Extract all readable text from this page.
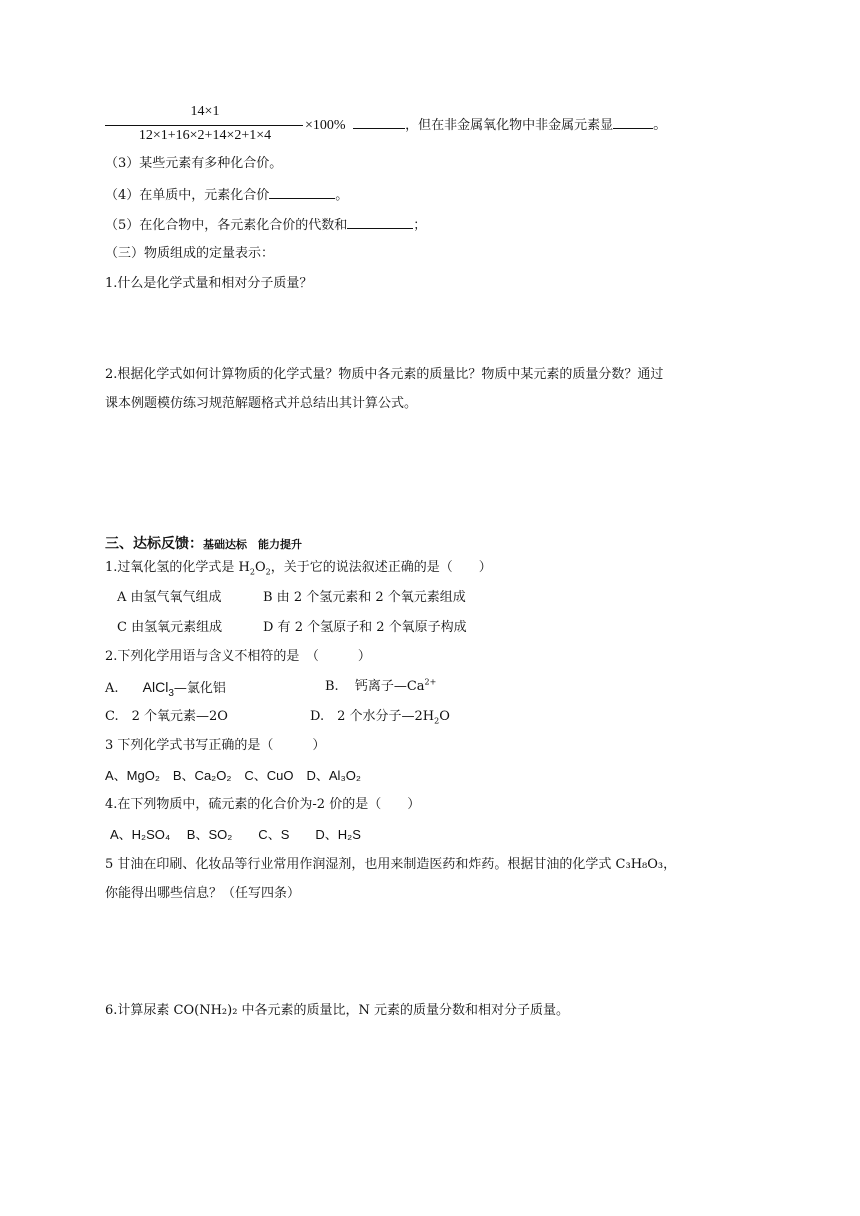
14×1
12×1+16×2+14×2+1×4
×100%	，但在非金属氧化物中非金属元素显	。
（3）某些元素有多种化合价。
（4）在单质中，元素化合价	。
（5）在化合物中，各元素化合价的代数和	；
（三）物质组成的定量表示：
1.什么是化学式量和相对分子质量？
2.根据化学式如何计算物质的化学式量？物质中各元素的质量比？物质中某元素的质量分数？通过
课本例题模仿练习规范解题格式并总结出其计算公式。
三、达标反馈：基础达标　能力提升
1.过氧化氢的化学式是 $H_2O_2$，关于它的说法叙述正确的是（　　）
A 由氢气氧气组成	B 由 2 个氢元素和 2 个氧元素组成
C 由氢氧元素组成	D 有 2 个氢原子和 2 个氧原子构成
2.下列化学用语与含义不相符的是　（　　　）
A. AlCl$_3$—氯化铝	B. 钙离子$—Ca^{2+}$
C.　2 个氧元素—2O	D.　2 个水分子$—2H_2O$
3 下列化学式书写正确的是（　　　）
A、MgO₂　B、Ca₂O₂　C、CuO　D、Al₃O₂
4.在下列物质中，硫元素的化合价为-2 价的是（　　）
A、H₂SO₄　 B、SO₂　　C、S　　D、H₂S
5 甘油在印刷、化妆品等行业常用作润湿剂，也用来制造医药和炸药。根据甘油的化学式 C₃H₈O₃，
你能得出哪些信息？（任写四条）
6.计算尿素 CO(NH₂)₂ 中各元素的质量比，N 元素的质量分数和相对分子质量。
